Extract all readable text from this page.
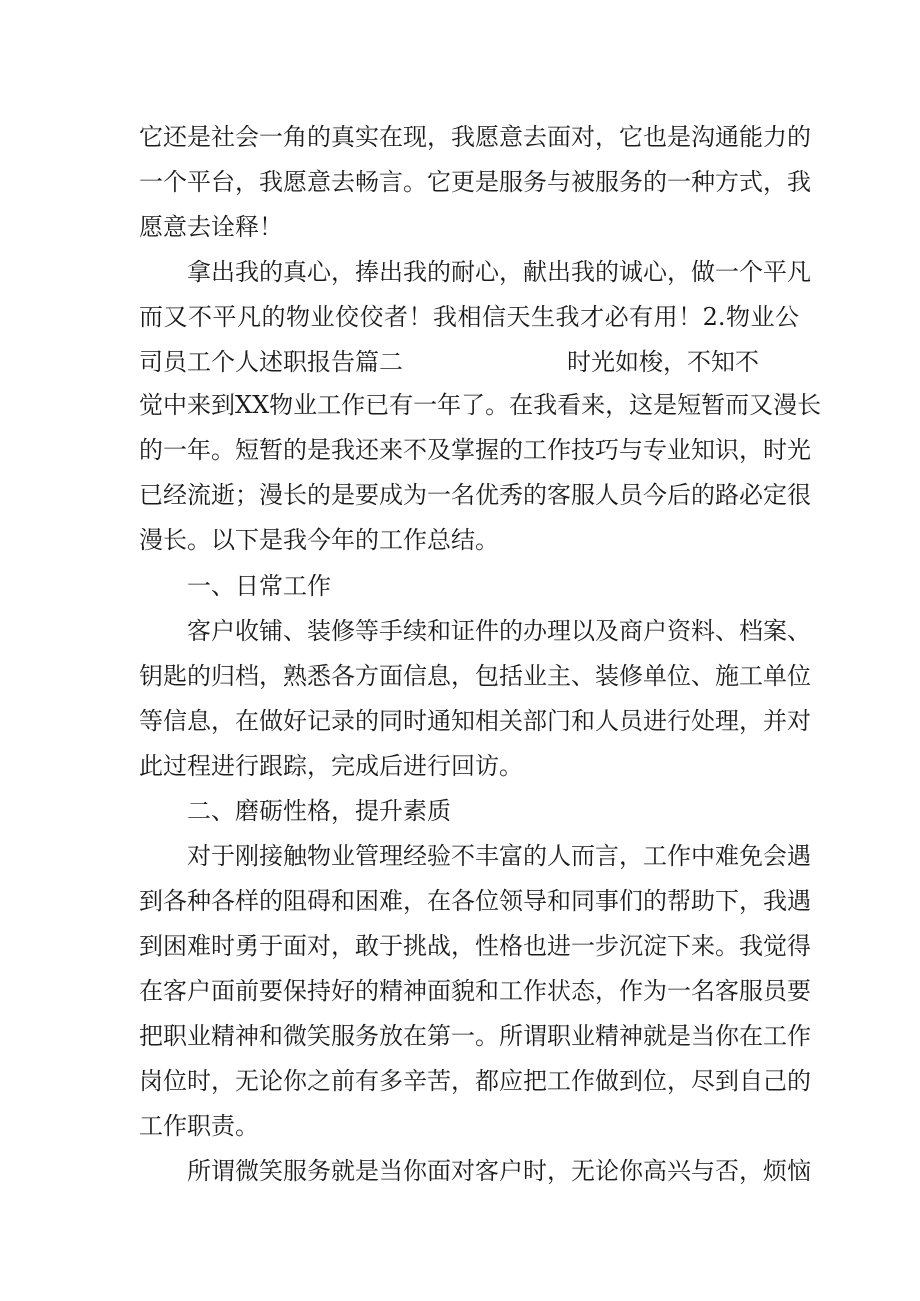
它还是社会一角的真实在现，我愿意去面对，它也是沟通能力的
一个平台，我愿意去畅言。它更是服务与被服务的一种方式，我
愿意去诠释！
拿出我的真心，捧出我的耐心，献出我的诚心，做一个平凡
而又不平凡的物业佼佼者！我相信天生我才必有用！2.物业公
司员工个人述职报告篇二	时光如梭，不知不
觉中来到XX物业工作已有一年了。在我看来，这是短暂而又漫长
的一年。短暂的是我还来不及掌握的工作技巧与专业知识，时光
已经流逝；漫长的是要成为一名优秀的客服人员今后的路必定很
漫长。以下是我今年的工作总结。
一、日常工作
客户收铺、装修等手续和证件的办理以及商户资料、档案、
钥匙的归档，熟悉各方面信息，包括业主、装修单位、施工单位
等信息，在做好记录的同时通知相关部门和人员进行处理，并对
此过程进行跟踪，完成后进行回访。
二、磨砺性格，提升素质
对于刚接触物业管理经验不丰富的人而言，工作中难免会遇
到各种各样的阻碍和困难，在各位领导和同事们的帮助下，我遇
到困难时勇于面对，敢于挑战，性格也进一步沉淀下来。我觉得
在客户面前要保持好的精神面貌和工作状态，作为一名客服员要
把职业精神和微笑服务放在第一。所谓职业精神就是当你在工作
岗位时，无论你之前有多辛苦，都应把工作做到位，尽到自己的
工作职责。
所谓微笑服务就是当你面对客户时，无论你高兴与否，烦恼
